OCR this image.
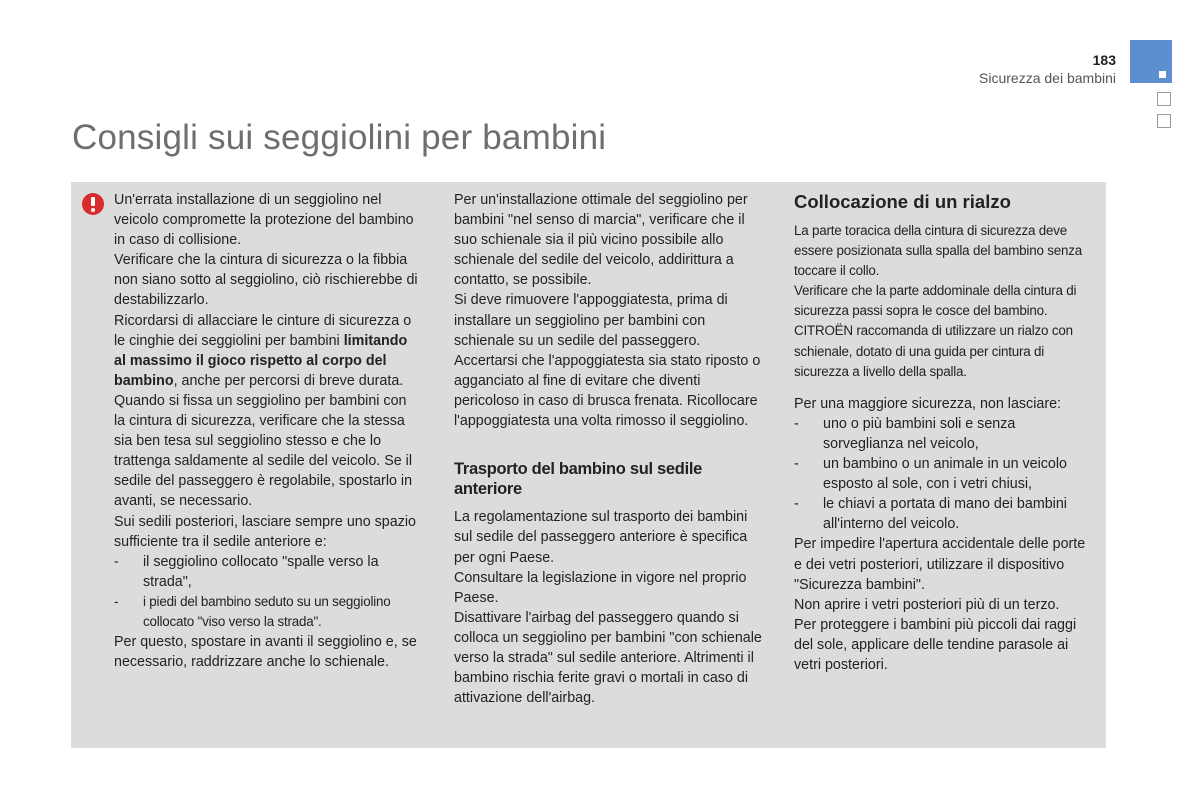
183
Sicurezza dei bambini
Consigli sui seggiolini per bambini

Un'errata installazione di un seggiolino nel veicolo compromette la protezione del bambino in caso di collisione.

Verificare che la cintura di sicurezza o la fibbia non siano sotto al seggiolino, ciò rischierebbe di destabilizzarlo.

Ricordarsi di allacciare le cinture di sicurezza o le cinghie dei seggiolini per bambini limitando al massimo il gioco rispetto al corpo del bambino, anche per percorsi di breve durata.

Quando si fissa un seggiolino per bambini con la cintura di sicurezza, verificare che la stessa sia ben tesa sul seggiolino stesso e che lo trattenga saldamente al sedile del veicolo. Se il sedile del passeggero è regolabile, spostarlo in avanti, se necessario.

Sui sedili posteriori, lasciare sempre uno spazio sufficiente tra il sedile anteriore e:

- il seggiolino collocato "spalle verso la strada",
- i piedi del bambino seduto su un seggiolino collocato "viso verso la strada".

Per questo, spostare in avanti il seggiolino e, se necessario, raddrizzare anche lo schienale.

Per un'installazione ottimale del seggiolino per bambini "nel senso di marcia", verificare che il suo schienale sia il più vicino possibile allo schienale del sedile del veicolo, addirittura a contatto, se possibile.

Si deve rimuovere l'appoggiatesta, prima di installare un seggiolino per bambini con schienale su un sedile del passeggero.

Accertarsi che l'appoggiatesta sia stato riposto o agganciato al fine di evitare che diventi pericoloso in caso di brusca frenata. Ricollocare l'appoggiatesta una volta rimosso il seggiolino.

Trasporto del bambino sul sedile anteriore

La regolamentazione sul trasporto dei bambini sul sedile del passeggero anteriore è specifica per ogni Paese.

Consultare la legislazione in vigore nel proprio Paese.

Disattivare l'airbag del passeggero quando si colloca un seggiolino per bambini "con schienale verso la strada" sul sedile anteriore. Altrimenti il bambino rischia ferite gravi o mortali in caso di attivazione dell'airbag.

Collocazione di un rialzo

La parte toracica della cintura di sicurezza deve essere posizionata sulla spalla del bambino senza toccare il collo.

Verificare che la parte addominale della cintura di sicurezza passi sopra le cosce del bambino.

CITROËN raccomanda di utilizzare un rialzo con schienale, dotato di una guida per cintura di sicurezza a livello della spalla.

Per una maggiore sicurezza, non lasciare:

- uno o più bambini soli e senza sorveglianza nel veicolo,
- un bambino o un animale in un veicolo esposto al sole, con i vetri chiusi,
- le chiavi a portata di mano dei bambini all'interno del veicolo.

Per impedire l'apertura accidentale delle porte e dei vetri posteriori, utilizzare il dispositivo "Sicurezza bambini".

Non aprire i vetri posteriori più di un terzo.

Per proteggere i bambini più piccoli dai raggi del sole, applicare delle tendine parasole ai vetri posteriori.
